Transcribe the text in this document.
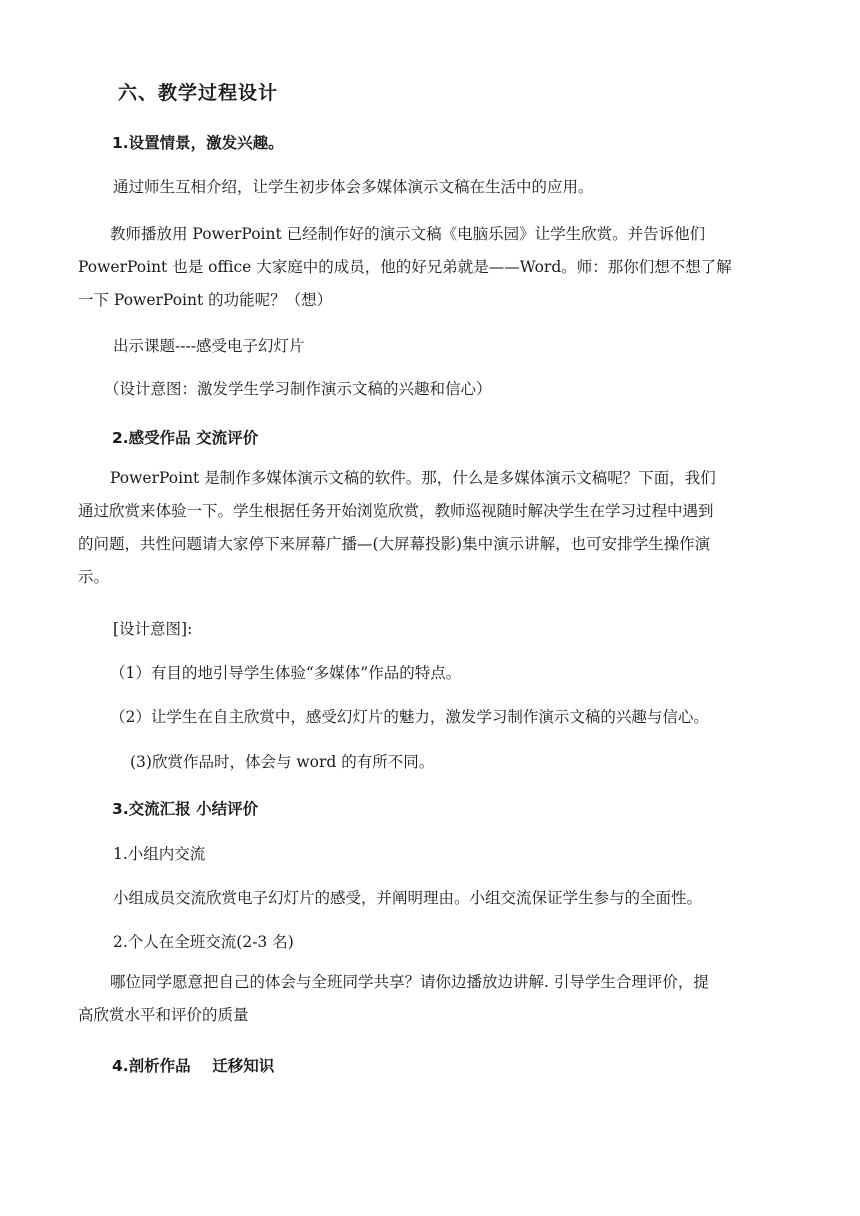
六、教学过程设计
1.设置情景，激发兴趣。
通过师生互相介绍，让学生初步体会多媒体演示文稿在生活中的应用。
教师播放用 PowerPoint 已经制作好的演示文稿《电脑乐园》让学生欣赏。并告诉他们
PowerPoint 也是 office 大家庭中的成员，他的好兄弟就是——Word。师：那你们想不想了解
一下 PowerPoint 的功能呢？（想）
出示课题----感受电子幻灯片
（设计意图：激发学生学习制作演示文稿的兴趣和信心）
2.感受作品 交流评价
PowerPoint 是制作多媒体演示文稿的软件。那，什么是多媒体演示文稿呢？下面，我们
通过欣赏来体验一下。学生根据任务开始浏览欣赏，教师巡视随时解决学生在学习过程中遇到
的问题，共性问题请大家停下来屏幕广播—(大屏幕投影)集中演示讲解，也可安排学生操作演
示。
[设计意图]:
（1）有目的地引导学生体验“多媒体”作品的特点。
（2）让学生在自主欣赏中，感受幻灯片的魅力，激发学习制作演示文稿的兴趣与信心。
(3)欣赏作品时，体会与 word 的有所不同。
3.交流汇报 小结评价
1.小组内交流
小组成员交流欣赏电子幻灯片的感受，并阐明理由。小组交流保证学生参与的全面性。
2.个人在全班交流(2-3 名)
哪位同学愿意把自己的体会与全班同学共享？请你边播放边讲解. 引导学生合理评价，提
高欣赏水平和评价的质量
4.剖析作品    迁移知识
